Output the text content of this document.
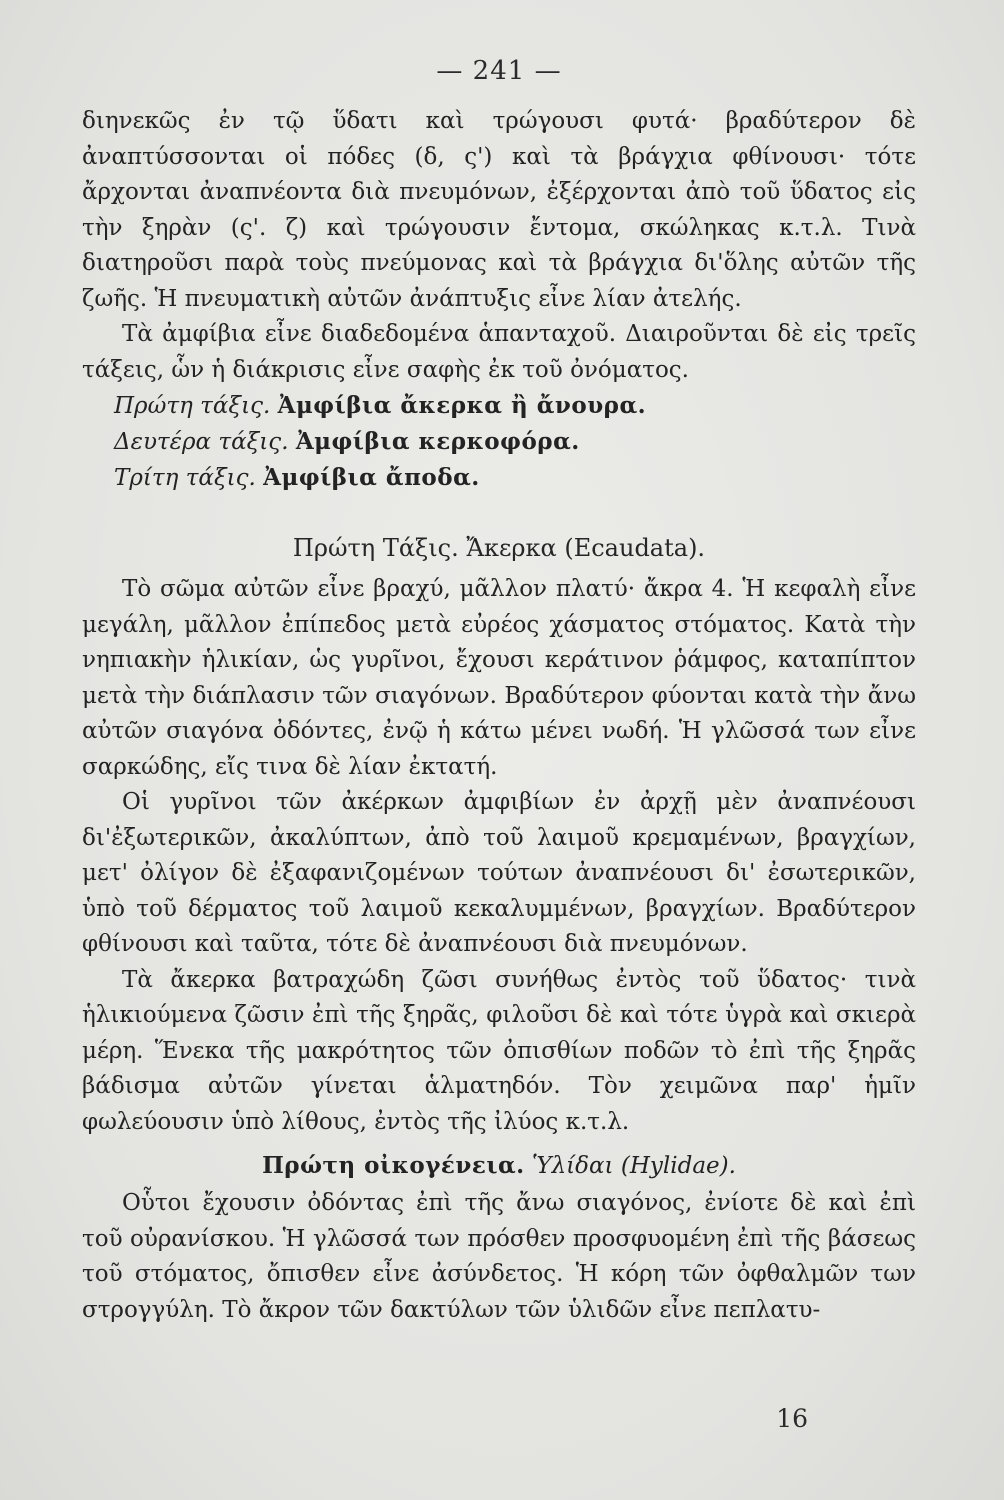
— 241 —

διηνεκῶς ἐν τῷ ὕδατι καὶ τρώγουσι φυτά· βραδύτερον δὲ ἀναπτύσσονται οἱ πόδες (δ, ς') καὶ τὰ βράγχια φθίνουσι· τότε ἄρχονται ἀναπνέοντα διὰ πνευμόνων, ἐξέρχονται ἀπὸ τοῦ ὕδατος εἰς τὴν ξηρὰν (ς'. ζ) καὶ τρώγουσιν ἔντομα, σκώληκας κ.τ.λ. Τινὰ διατηροῦσι παρὰ τοὺς πνεύμονας καὶ τὰ βράγχια δι'ὅλης αὐτῶν τῆς ζωῆς. Ἡ πνευματικὴ αὐτῶν ἀνάπτυξις εἶνε λίαν ἀτελής.

Τὰ ἀμφίβια εἶνε διαδεδομένα ἁπανταχοῦ. Διαιροῦνται δὲ εἰς τρεῖς τάξεις, ὧν ἡ διάκρισις εἶνε σαφὴς ἐκ τοῦ ὀνόματος.

Πρώτη τάξις. Ἀμφίβια ἄκερκα ἢ ἄνουρα.

Δευτέρα τάξις. Ἀμφίβια κερκοφόρα.

Τρίτη τάξις. Ἀμφίβια ἄποδα.

Πρώτη Τάξις. Ἄκερκα (Ecaudata).

Τὸ σῶμα αὐτῶν εἶνε βραχύ, μᾶλλον πλατύ· ἄκρα 4. Ἡ κεφαλὴ εἶνε μεγάλη, μᾶλλον ἐπίπεδος μετὰ εὐρέος χάσματος στόματος. Κατὰ τὴν νηπιακὴν ἡλικίαν, ὡς γυρῖνοι, ἔχουσι κεράτινον ῥάμφος, καταπίπτον μετὰ τὴν διάπλασιν τῶν σιαγόνων. Βραδύτερον φύονται κατὰ τὴν ἄνω αὐτῶν σιαγόνα ὀδόντες, ἐνῷ ἡ κάτω μένει νωδή. Ἡ γλῶσσά των εἶνε σαρκώδης, εἴς τινα δὲ λίαν ἐκτατή.

Οἱ γυρῖνοι τῶν ἀκέρκων ἀμφιβίων ἐν ἀρχῇ μὲν ἀναπνέουσι δι'ἐξωτερικῶν, ἀκαλύπτων, ἀπὸ τοῦ λαιμοῦ κρεμαμένων, βραγχίων, μετ' ὀλίγον δὲ ἐξαφανιζομένων τούτων ἀναπνέουσι δι' ἐσωτερικῶν, ὑπὸ τοῦ δέρματος τοῦ λαιμοῦ κεκαλυμμένων, βραγχίων. Βραδύτερον φθίνουσι καὶ ταῦτα, τότε δὲ ἀναπνέουσι διὰ πνευμόνων.

Τὰ ἄκερκα βατραχώδη ζῶσι συνήθως ἐντὸς τοῦ ὕδατος· τινὰ ἡλικιούμενα ζῶσιν ἐπὶ τῆς ξηρᾶς, φιλοῦσι δὲ καὶ τότε ὑγρὰ καὶ σκιερὰ μέρη. Ἕνεκα τῆς μακρότητος τῶν ὀπισθίων ποδῶν τὸ ἐπὶ τῆς ξηρᾶς βάδισμα αὐτῶν γίνεται ἁλματηδόν. Τὸν χειμῶνα παρ' ἡμῖν φωλεύουσιν ὑπὸ λίθους, ἐντὸς τῆς ἰλύος κ.τ.λ.

Πρώτη οἰκογένεια. Ὑλίδαι (Hylidae).

Οὗτοι ἔχουσιν ὀδόντας ἐπὶ τῆς ἄνω σιαγόνος, ἐνίοτε δὲ καὶ ἐπὶ τοῦ οὐρανίσκου. Ἡ γλῶσσά των πρόσθεν προσφυομένη ἐπὶ τῆς βάσεως τοῦ στόματος, ὄπισθεν εἶνε ἀσύνδετος. Ἡ κόρη τῶν ὀφθαλμῶν των στρογγύλη. Τὸ ἄκρον τῶν δακτύλων τῶν ὑλιδῶν εἶνε πεπλατυ-

16
